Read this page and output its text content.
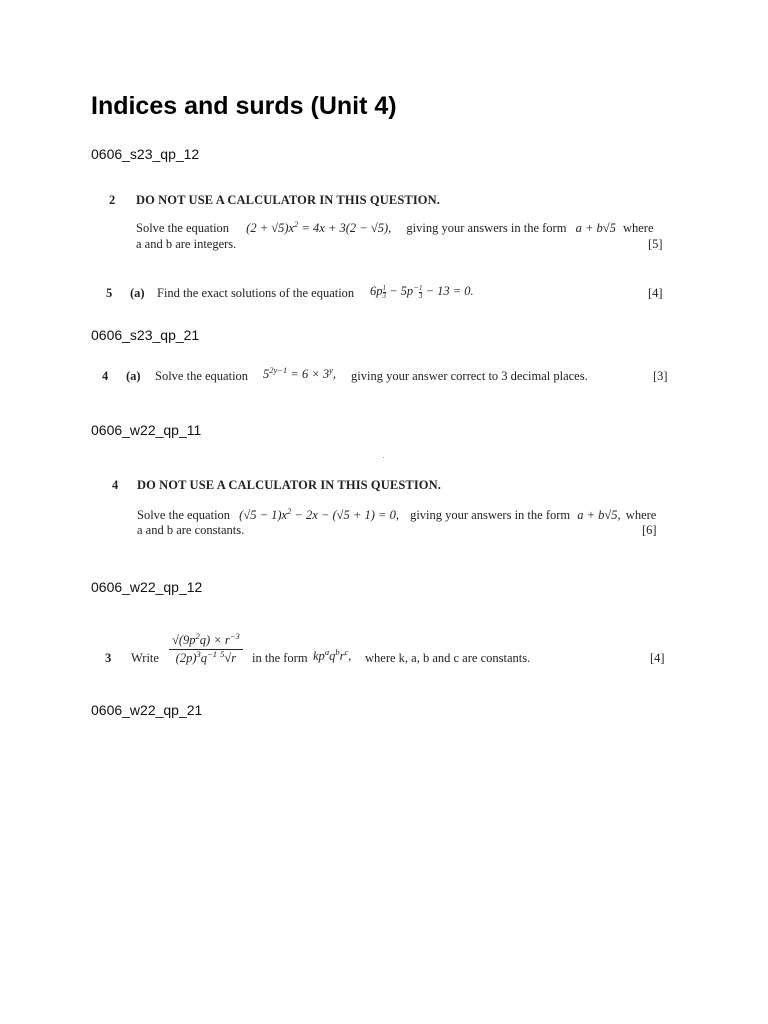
Indices and surds (Unit 4)
0606_s23_qp_12
2 DO NOT USE A CALCULATOR IN THIS QUESTION.
Solve the equation $(2 + √5)x^2 = 4x + 3(2 - √5)$, giving your answers in the form a + b√5 where
a and b are integers.	[5]
5 (a) Find the exact solutions of the equation $6p \frac{1}{3} - 5p^- \frac{1}{3} - 13 = 0$.	[4]
0606_s23_qp_21
4 (a) Solve the equation $5^{2y-1} = 6 \times 3^y$, giving your answer correct to 3 decimal places.	[3]
0606_w22_qp_11
4 DO NOT USE A CALCULATOR IN THIS QUESTION.
Solve the equation $(√5 - 1)x^2 - 2x - (√5 + 1) = 0$, giving your answers in the form a + b√5, where
a and b are constants.	[6]
0606_w22_qp_12
3 Write $\frac{√(9p^2q) \times r^{-3}}{(2p)^3q^{-1} ^5√r}$ in the form $kp^aq^br^c$, where k, a, b and c are constants.	[4]
0606_w22_qp_21
